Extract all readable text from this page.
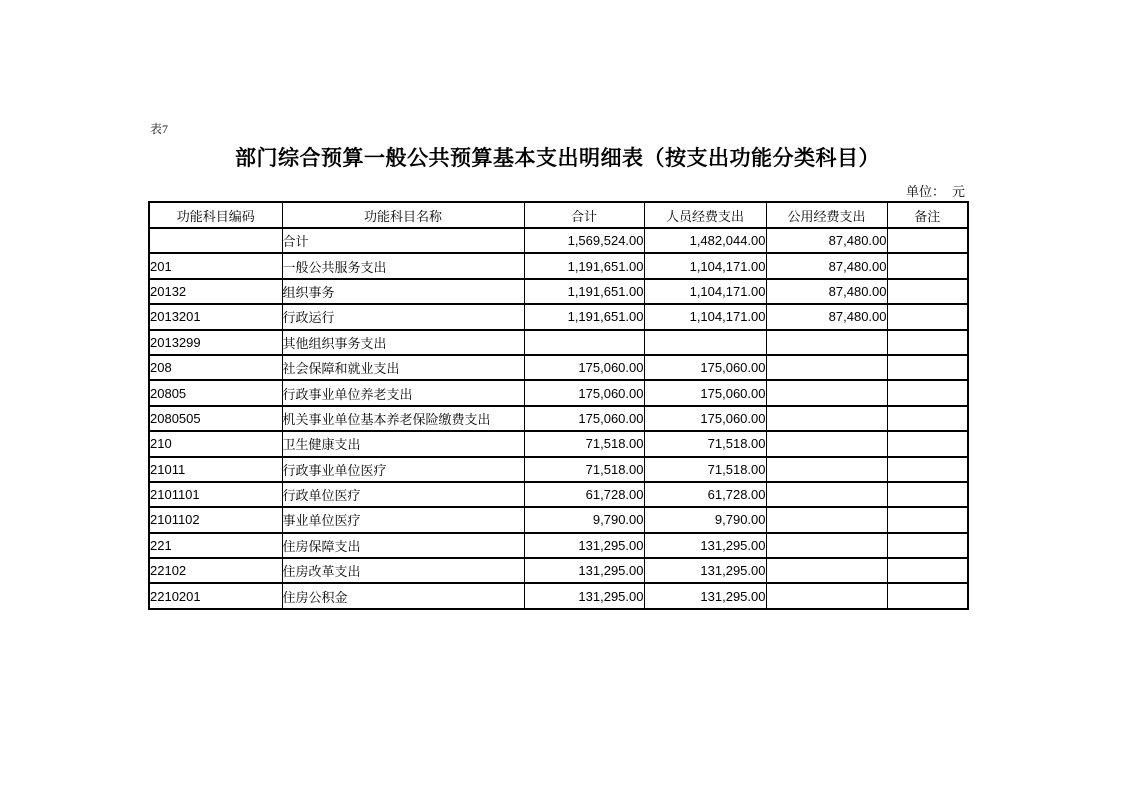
表7
部门综合预算一般公共预算基本支出明细表（按支出功能分类科目）
单位： 元
功能科目编码	功能科目名称	合计	人员经费支出	公用经费支出	备注
	合计	1,569,524.00	1,482,044.00	87,480.00	
201	一般公共服务支出	1,191,651.00	1,104,171.00	87,480.00	
20132	组织事务	1,191,651.00	1,104,171.00	87,480.00	
2013201	行政运行	1,191,651.00	1,104,171.00	87,480.00	
2013299	其他组织事务支出				
208	社会保障和就业支出	175,060.00	175,060.00		
20805	行政事业单位养老支出	175,060.00	175,060.00		
2080505	机关事业单位基本养老保险缴费支出	175,060.00	175,060.00		
210	卫生健康支出	71,518.00	71,518.00		
21011	行政事业单位医疗	71,518.00	71,518.00		
2101101	行政单位医疗	61,728.00	61,728.00		
2101102	事业单位医疗	9,790.00	9,790.00		
221	住房保障支出	131,295.00	131,295.00		
22102	住房改革支出	131,295.00	131,295.00		
2210201	住房公积金	131,295.00	131,295.00		
